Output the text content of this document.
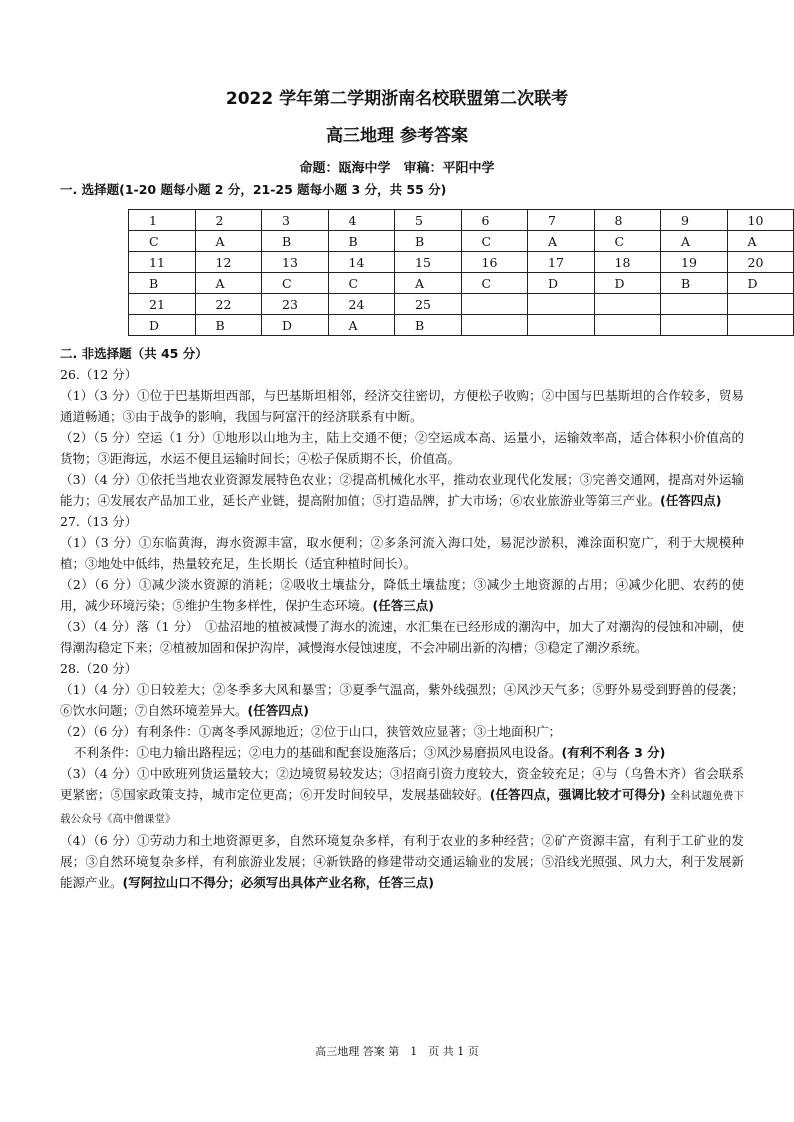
2022 学年第二学期浙南名校联盟第二次联考
高三地理 参考答案
命题：瓯海中学　审稿：平阳中学
一. 选择题(1-20 题每小题 2 分，21-25 题每小题 3 分，共 55 分)
1	2	3	4	5	6	7	8	9	10
C	A	B	B	B	C	A	C	A	A
11	12	13	14	15	16	17	18	19	20
B	A	C	C	A	C	D	D	B	D
21	22	23	24	25					
D	B	D	A	B					
二. 非选择题（共 45 分）

26.（12 分）

（1）（3 分）①位于巴基斯坦西部，与巴基斯坦相邻，经济交往密切，方便松子收购；②中国与巴基斯坦的合作较多，贸易通道畅通；③由于战争的影响，我国与阿富汗的经济联系有中断。

（2）（5 分）空运（1 分）①地形以山地为主，陆上交通不便；②空运成本高、运量小，运输效率高，适合体积小价值高的货物；③距海远，水运不便且运输时间长；④松子保质期不长，价值高。

（3）（4 分）①依托当地农业资源发展特色农业；②提高机械化水平，推动农业现代化发展；③完善交通网，提高对外运输能力；④发展农产品加工业，延长产业链，提高附加值；⑤打造品牌，扩大市场；⑥农业旅游业等第三产业。(任答四点)

27.（13 分）

（1）（3 分）①东临黄海，海水资源丰富，取水便利；②多条河流入海口处，易泥沙淤积，滩涂面积宽广，利于大规模种植；③地处中低纬，热量较充足，生长期长（适宜种植时间长）。

（2）（6 分）①减少淡水资源的消耗；②吸收土壤盐分，降低土壤盐度；③减少土地资源的占用；④减少化肥、农药的使用，减少环境污染；⑤维护生物多样性，保护生态环境。(任答三点)

（3）（4 分）落（1 分）　①盐沼地的植被减慢了海水的流速，水汇集在已经形成的潮沟中，加大了对潮沟的侵蚀和冲刷，使得潮沟稳定下来；②植被加固和保护沟岸，减慢海水侵蚀速度，不会冲刷出新的沟槽；③稳定了潮汐系统。

28.（20 分）

（1）（4 分）①日较差大；②冬季多大风和暴雪；③夏季气温高，紫外线强烈；④风沙天气多；⑤野外易受到野兽的侵袭；⑥饮水问题；⑦自然环境差异大。(任答四点)

（2）（6 分）有利条件：①离冬季风源地近；②位于山口，狭管效应显著；③土地面积广；

不利条件：①电力输出路程远；②电力的基础和配套设施落后；③风沙易磨损风电设备。(有利不利各 3 分)

（3）（4 分）①中欧班列货运量较大；②边境贸易较发达；③招商引资力度较大，资金较充足；④与（乌鲁木齐）省会联系更紧密；⑤国家政策支持，城市定位更高；⑥开发时间较早，发展基础较好。(任答四点，强调比较才可得分) 全科试题免费下载公众号《高中僧课堂》

（4）（6 分）①劳动力和土地资源更多，自然环境复杂多样，有利于农业的多种经营；②矿产资源丰富，有利于工矿业的发展；③自然环境复杂多样，有利旅游业发展；④新铁路的修建带动交通运输业的发展；⑤沿线光照强、风力大，利于发展新能源产业。(写阿拉山口不得分；必须写出具体产业名称，任答三点)

高三地理 答案 第　1　页 共 1 页
